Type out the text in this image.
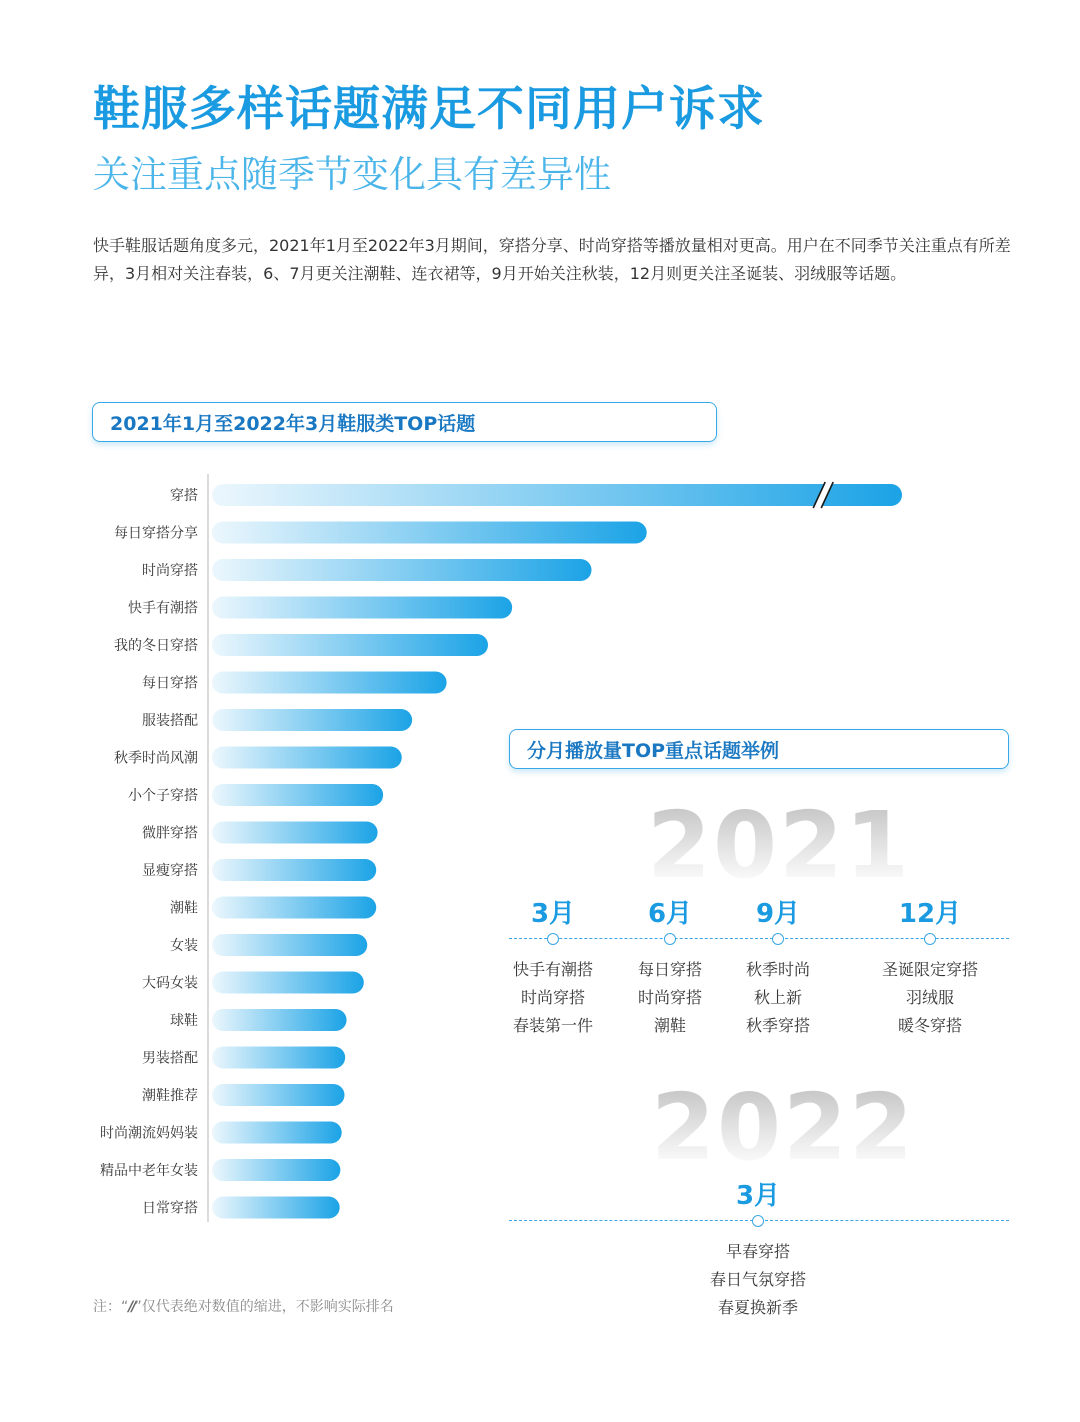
鞋服多样话题满足不同用户诉求
关注重点随季节变化具有差异性
快手鞋服话题角度多元，2021年1月至2022年3月期间，穿搭分享、时尚穿搭等播放量相对更高。用户在不同季节关注重点有所差异，3月相对关注春装，6、7月更关注潮鞋、连衣裙等，9月开始关注秋装，12月则更关注圣诞装、羽绒服等话题。
2021年1月至2022年3月鞋服类TOP话题
穿搭
每日穿搭分享
时尚穿搭
快手有潮搭
我的冬日穿搭
每日穿搭
服装搭配
秋季时尚风潮
小个子穿搭
微胖穿搭
显瘦穿搭
潮鞋
女装
大码女装
球鞋
男装搭配
潮鞋推荐
时尚潮流妈妈装
精品中老年女装
日常穿搭
分月播放量TOP重点话题举例
2021
2022
3月
快手有潮搭
时尚穿搭
春装第一件
6月
每日穿搭
时尚穿搭
潮鞋
9月
秋季时尚
秋上新
秋季穿搭
12月
圣诞限定穿搭
羽绒服
暖冬穿搭
3月
早春穿搭
春日气氛穿搭
春夏换新季
注：“//”仅代表绝对数值的缩进，不影响实际排名
